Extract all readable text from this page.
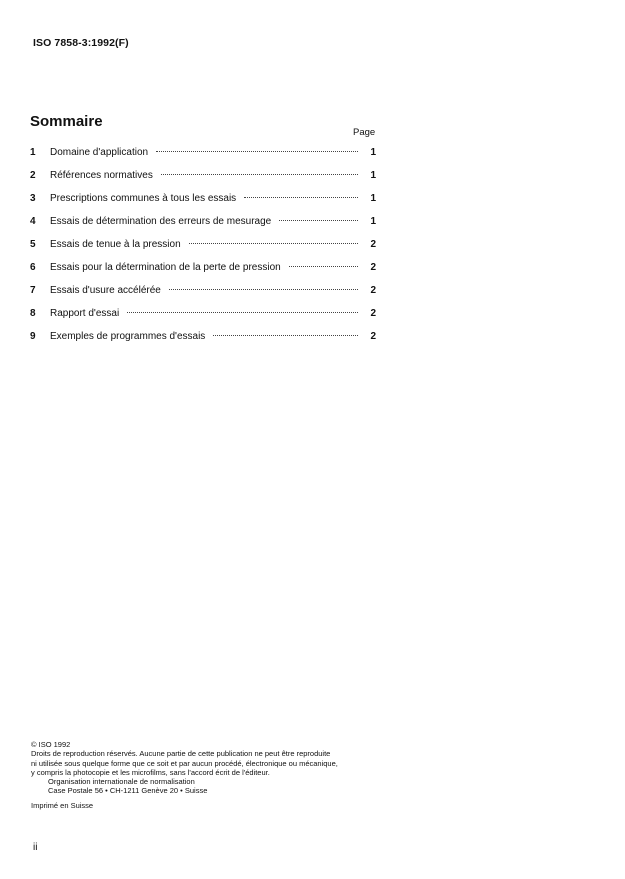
ISO 7858-3:1992(F)
Sommaire
Page
1	Domaine d'application	1
2	Références normatives	1
3	Prescriptions communes à tous les essais	1
4	Essais de détermination des erreurs de mesurage	1
5	Essais de tenue à la pression	2
6	Essais pour la détermination de la perte de pression	2
7	Essais d'usure accélérée	2
8	Rapport d'essai	2
9	Exemples de programmes d'essais	2

© ISO 1992

Droits de reproduction réservés. Aucune partie de cette publication ne peut être reproduite

ni utilisée sous quelque forme que ce soit et par aucun procédé, électronique ou mécanique,

y compris la photocopie et les microfilms, sans l'accord écrit de l'éditeur.

Organisation internationale de normalisation

Case Postale 56 • CH-1211 Genève 20 • Suisse

Imprimé en Suisse

ii
